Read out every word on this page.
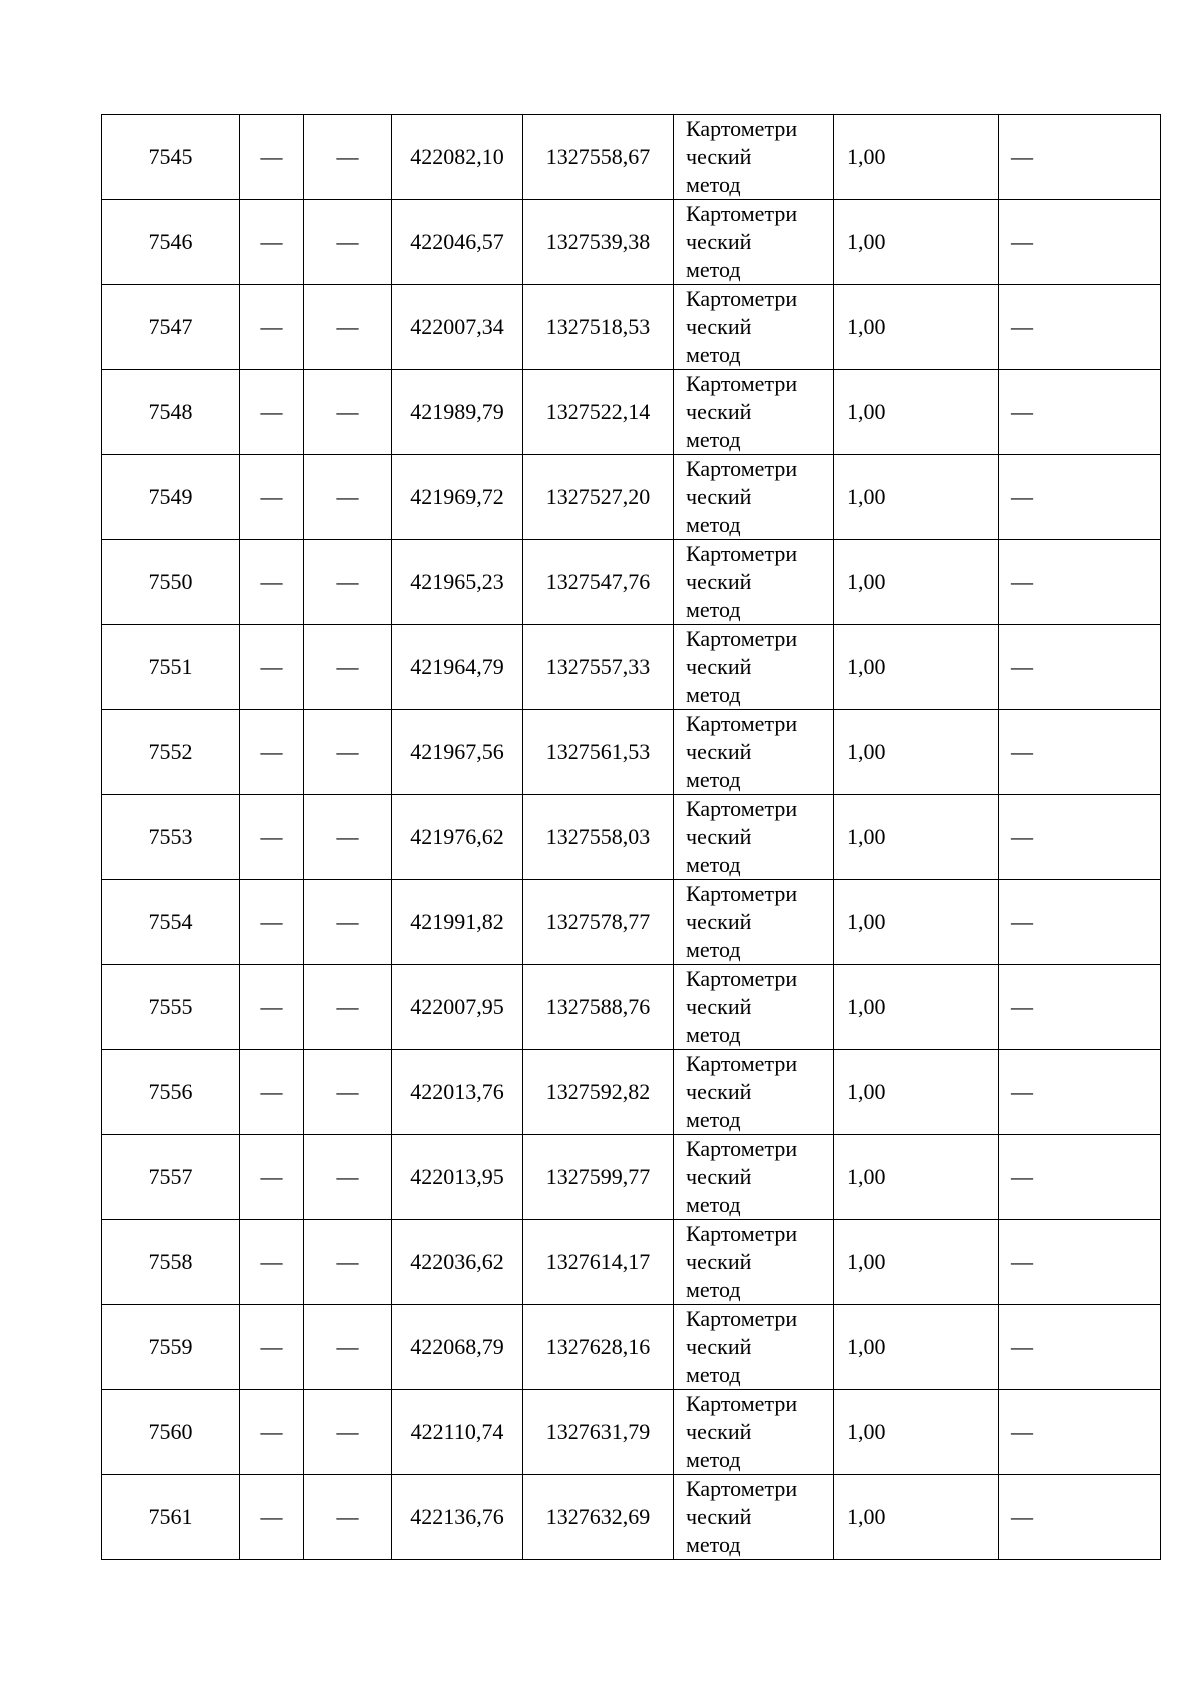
7545	—	—	422082,10	1327558,67	Картометри
ческий
метод	1,00	—
7546	—	—	422046,57	1327539,38	Картометри
ческий
метод	1,00	—
7547	—	—	422007,34	1327518,53	Картометри
ческий
метод	1,00	—
7548	—	—	421989,79	1327522,14	Картометри
ческий
метод	1,00	—
7549	—	—	421969,72	1327527,20	Картометри
ческий
метод	1,00	—
7550	—	—	421965,23	1327547,76	Картометри
ческий
метод	1,00	—
7551	—	—	421964,79	1327557,33	Картометри
ческий
метод	1,00	—
7552	—	—	421967,56	1327561,53	Картометри
ческий
метод	1,00	—
7553	—	—	421976,62	1327558,03	Картометри
ческий
метод	1,00	—
7554	—	—	421991,82	1327578,77	Картометри
ческий
метод	1,00	—
7555	—	—	422007,95	1327588,76	Картометри
ческий
метод	1,00	—
7556	—	—	422013,76	1327592,82	Картометри
ческий
метод	1,00	—
7557	—	—	422013,95	1327599,77	Картометри
ческий
метод	1,00	—
7558	—	—	422036,62	1327614,17	Картометри
ческий
метод	1,00	—
7559	—	—	422068,79	1327628,16	Картометри
ческий
метод	1,00	—
7560	—	—	422110,74	1327631,79	Картометри
ческий
метод	1,00	—
7561	—	—	422136,76	1327632,69	Картометри
ческий
метод	1,00	—
